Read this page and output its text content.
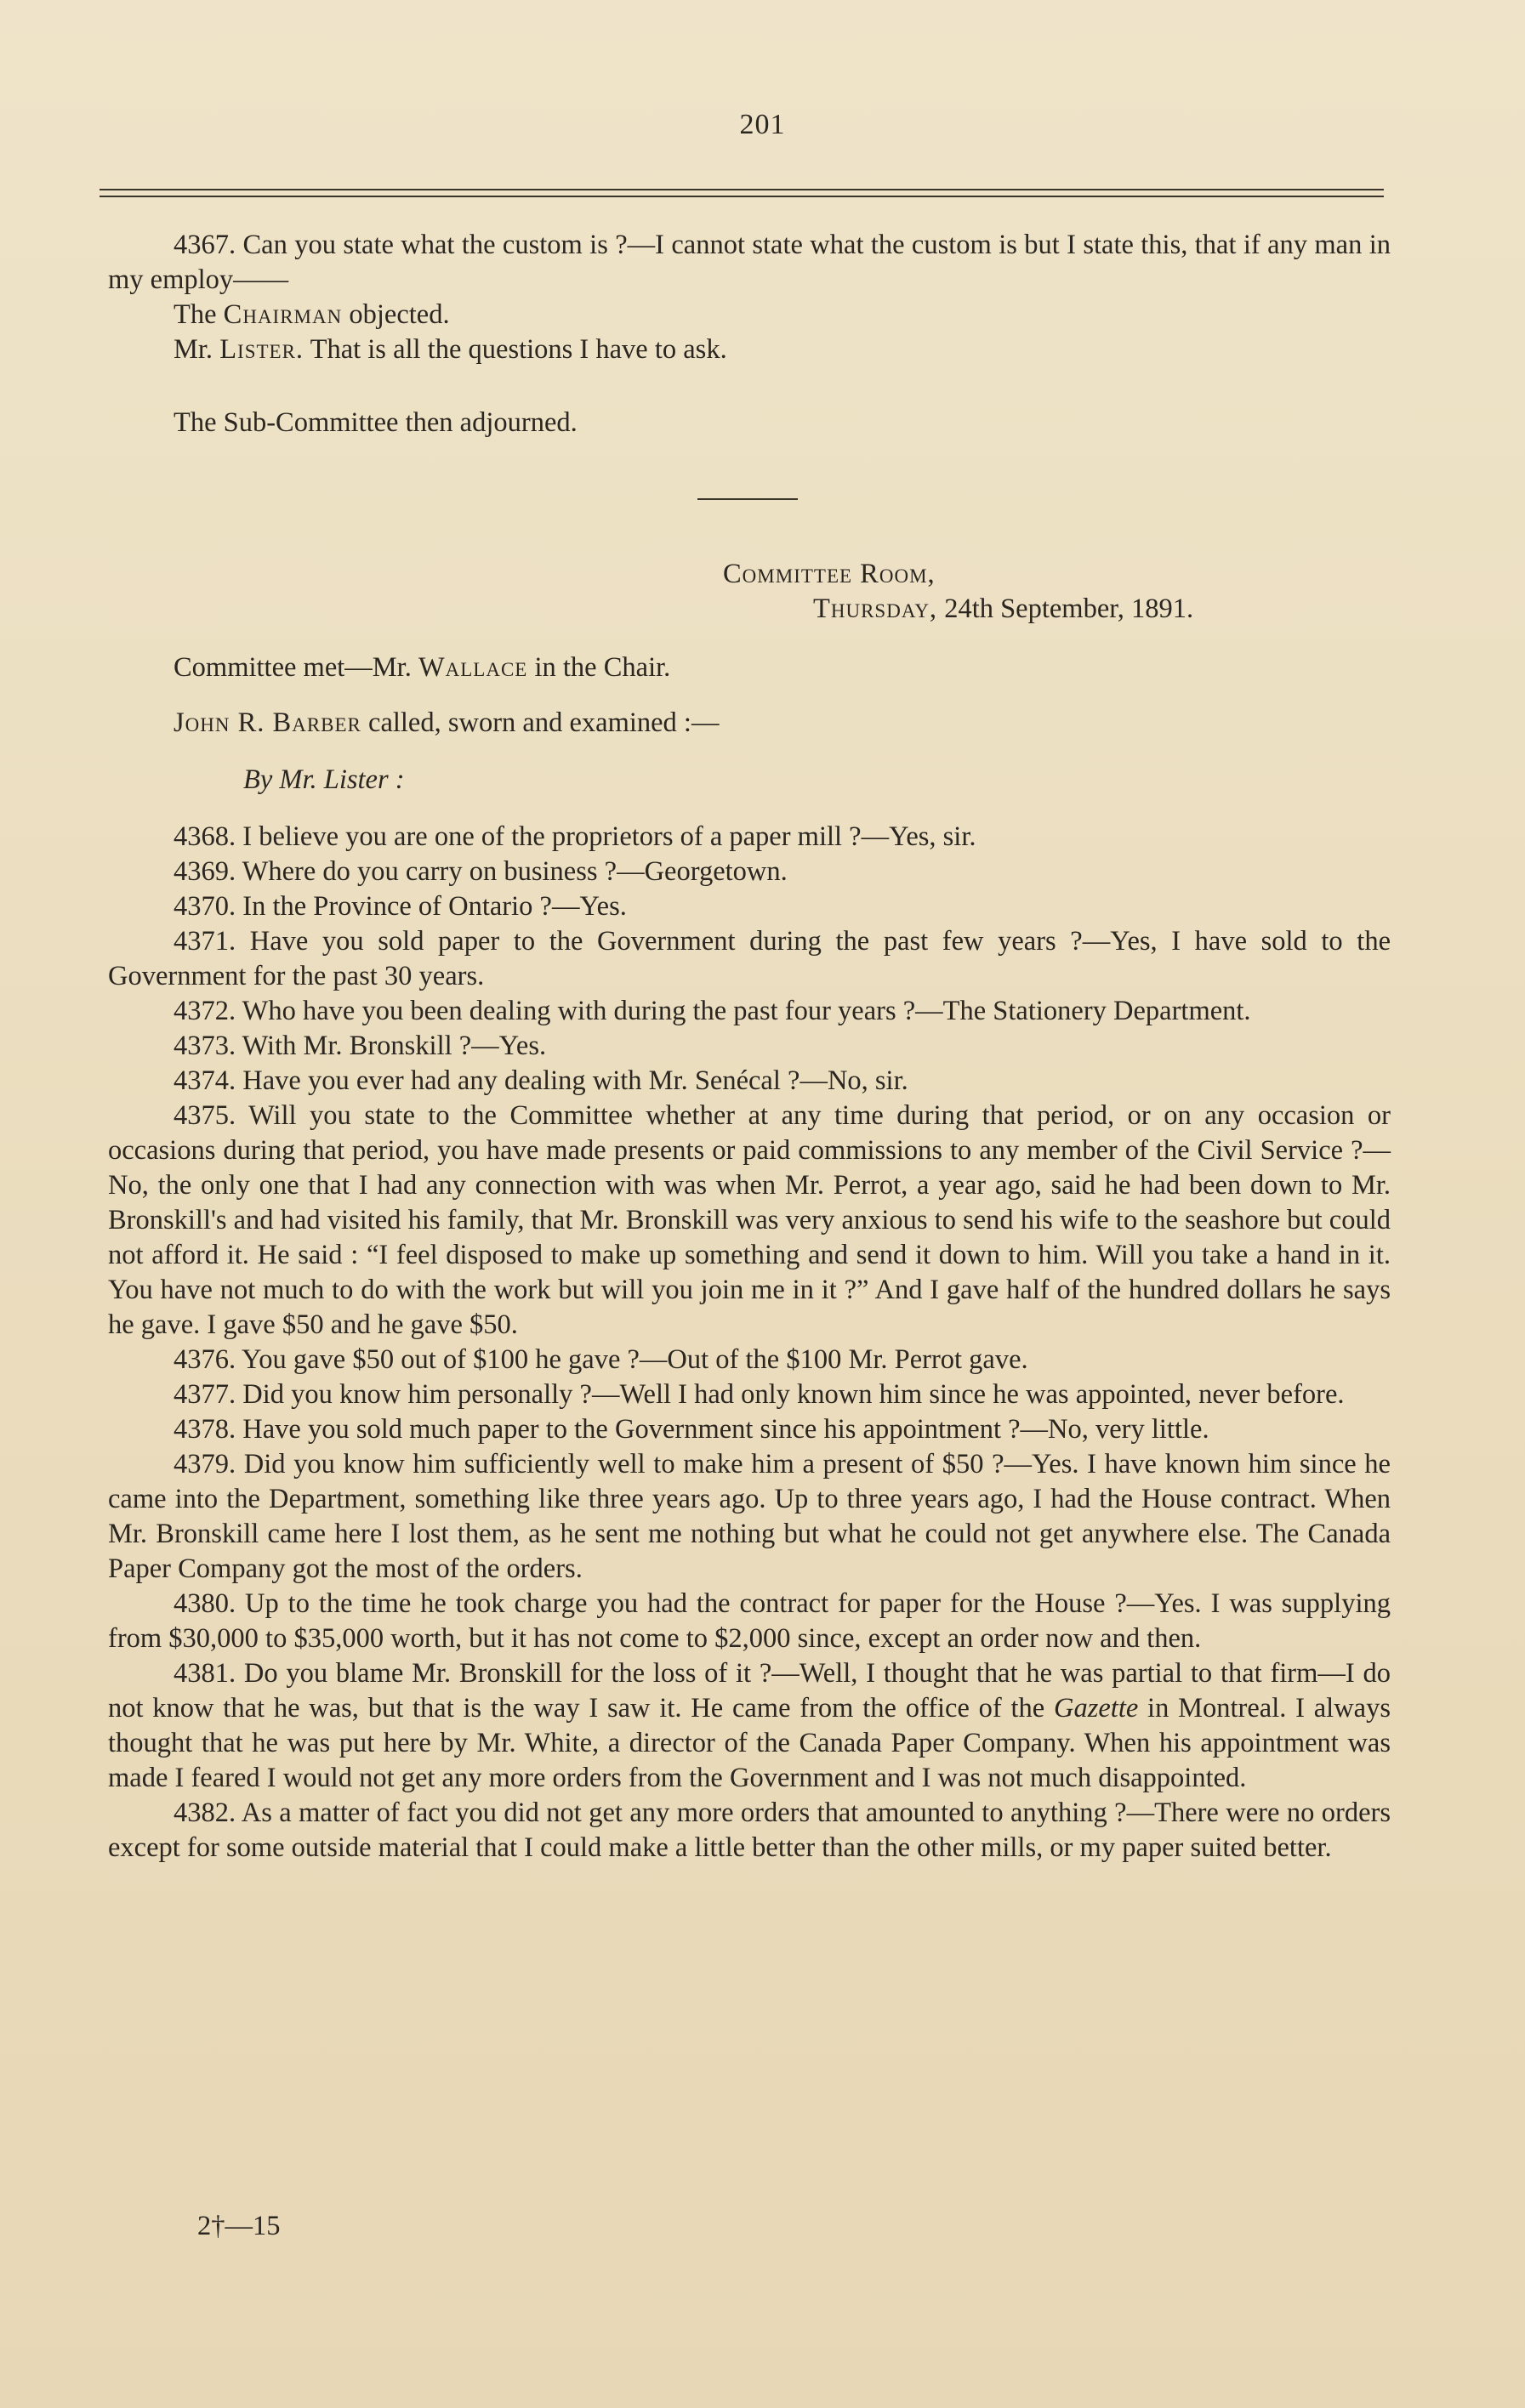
201

4367. Can you state what the custom is ?—I cannot state what the custom is but I state this, that if any man in my employ——

The Chairman objected.

Mr. Lister. That is all the questions I have to ask.

The Sub-Committee then adjourned.
Committee Room,
Thursday, 24th September, 1891.
Committee met—Mr. Wallace in the Chair.
John R. Barber called, sworn and examined :—
By Mr. Lister :

4368. I believe you are one of the proprietors of a paper mill ?—Yes, sir.

4369. Where do you carry on business ?—Georgetown.

4370. In the Province of Ontario ?—Yes.

4371. Have you sold paper to the Government during the past few years ?—Yes, I have sold to the Government for the past 30 years.

4372. Who have you been dealing with during the past four years ?—The Stationery Department.

4373. With Mr. Bronskill ?—Yes.

4374. Have you ever had any dealing with Mr. Senécal ?—No, sir.

4375. Will you state to the Committee whether at any time during that period, or on any occasion or occasions during that period, you have made presents or paid commissions to any member of the Civil Service ?—No, the only one that I had any connection with was when Mr. Perrot, a year ago, said he had been down to Mr. Bronskill's and had visited his family, that Mr. Bronskill was very anxious to send his wife to the seashore but could not afford it. He said : “I feel disposed to make up something and send it down to him. Will you take a hand in it. You have not much to do with the work but will you join me in it ?” And I gave half of the hundred dollars he says he gave. I gave $50 and he gave $50.

4376. You gave $50 out of $100 he gave ?—Out of the $100 Mr. Perrot gave.

4377. Did you know him personally ?—Well I had only known him since he was appointed, never before.

4378. Have you sold much paper to the Government since his appointment ?—No, very little.

4379. Did you know him sufficiently well to make him a present of $50 ?—Yes. I have known him since he came into the Department, something like three years ago. Up to three years ago, I had the House contract. When Mr. Bronskill came here I lost them, as he sent me nothing but what he could not get anywhere else. The Canada Paper Company got the most of the orders.

4380. Up to the time he took charge you had the contract for paper for the House ?—Yes. I was supplying from $30,000 to $35,000 worth, but it has not come to $2,000 since, except an order now and then.

4381. Do you blame Mr. Bronskill for the loss of it ?—Well, I thought that he was partial to that firm—I do not know that he was, but that is the way I saw it. He came from the office of the Gazette in Montreal. I always thought that he was put here by Mr. White, a director of the Canada Paper Company. When his appointment was made I feared I would not get any more orders from the Government and I was not much disappointed.

4382. As a matter of fact you did not get any more orders that amounted to anything ?—There were no orders except for some outside material that I could make a little better than the other mills, or my paper suited better.

2†—15
